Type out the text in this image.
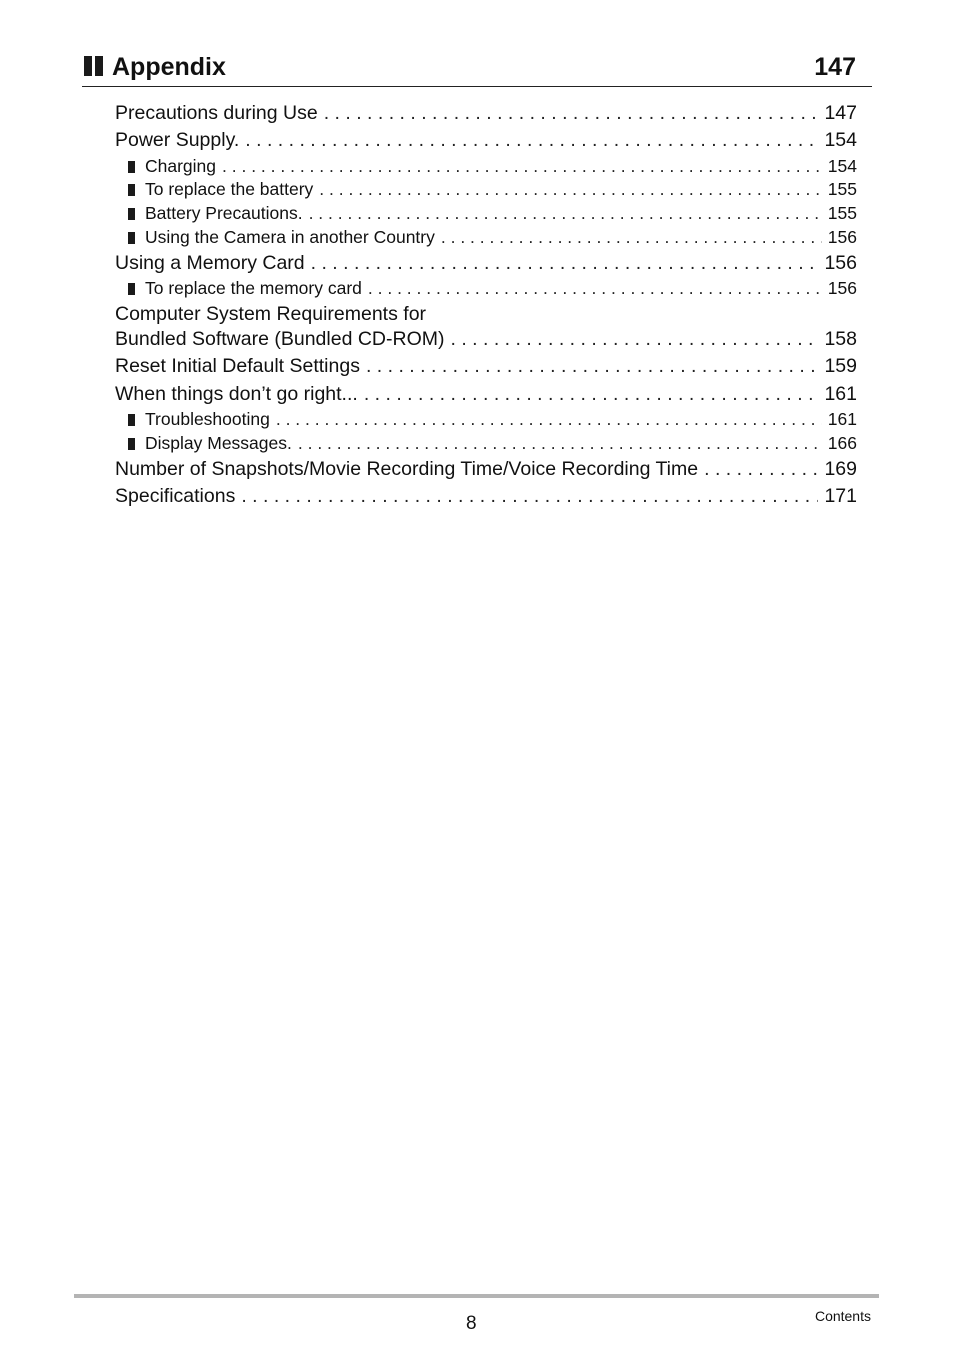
Appendix	147
Precautions during Use . . .	147
Power Supply. . . .	154
Charging . . .	154
To replace the battery . . .	155
Battery Precautions. . . .	155
Using the Camera in another Country . . .	156
Using a Memory Card . . .	156
To replace the memory card . . .	156
Computer System Requirements for
Bundled Software (Bundled CD-ROM) . . .	158
Reset Initial Default Settings . . .	159
When things don’t go right... . . .	161
Troubleshooting . . .	161
Display Messages. . . .	166
Number of Snapshots/Movie Recording Time/Voice Recording Time . . .	169
Specifications . . .	171
8	Contents
